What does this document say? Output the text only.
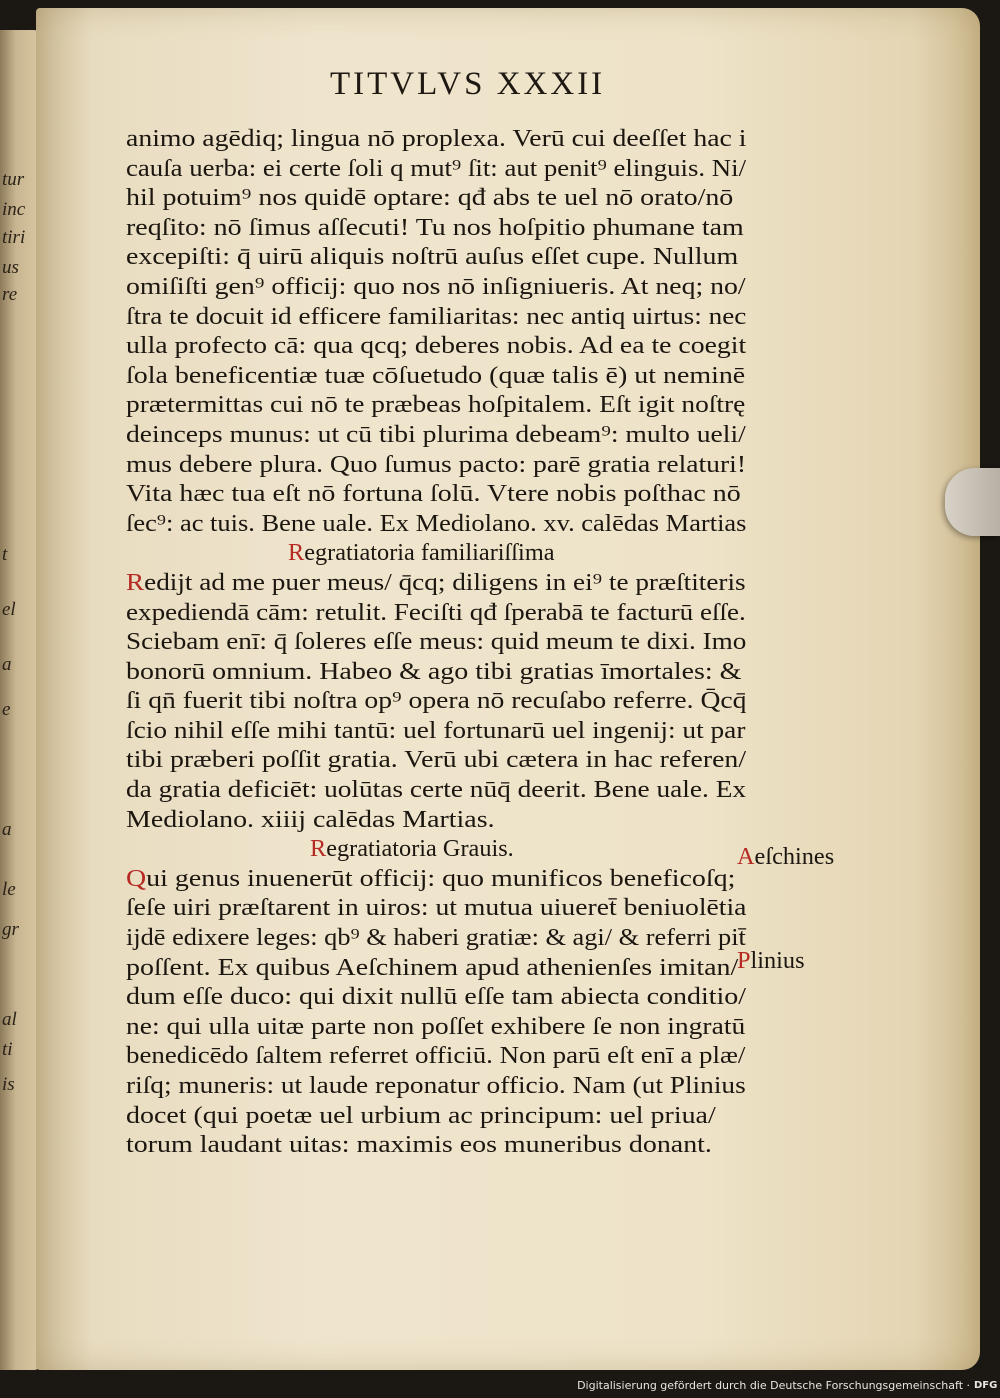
tur
inc
tiri
us
re
t
el
a
e
a
le
gr
al
ti
is
TITVLVS XXXII
animo agēdiq; lingua nō proplexa. Verū cui deeſſet hac i
cauſa uerba: ei certe ſoli q mut⁹ ſit: aut penit⁹ elinguis. Ni/
hil potuim⁹ nos quidē optare: qđ abs te uel nō orato/nō
reqſito: nō ſimus aſſecuti! Tu nos hoſpitio phumane tam
excepiſti: q̄ uirū aliquis noſtrū auſus eſſet cupe. Nullum
omiſiſti gen⁹ officij: quo nos nō inſigniueris. At neq; no/
ſtra te docuit id efficere familiaritas: nec antiq uirtus: nec
ulla profecto cā: qua qcq; deberes nobis. Ad ea te coegit
ſola beneficentiæ tuæ cōſuetudo (quæ talis ē) ut neminē
prætermittas cui nō te præbeas hoſpitalem. Eſt igit noſtrę
deinceps munus: ut cū tibi plurima debeam⁹: multo ueli/
mus debere plura. Quo ſumus pacto: parē gratia relaturi!
Vita hæc tua eſt nō fortuna ſolū. Vtere nobis poſthac nō
ſec⁹: ac tuis. Bene uale. Ex Mediolano. xv. calēdas Martias
Regratiatoria familiariſſima
Redijt ad me puer meus/ q̄cq; diligens in ei⁹ te præſtiteris
expediendā cām: retulit. Feciſti qđ ſperabā te facturū eſſe.
Sciebam enī: q̄ ſoleres eſſe meus: quid meum te dixi. Imo
bonorū omnium. Habeo & ago tibi gratias īmortales: &
ſi qn̄ fuerit tibi noſtra op⁹ opera nō recuſabo referre. Q̄cq̄
ſcio nihil eſſe mihi tantū: uel fortunarū uel ingenij: ut par
tibi præberi poſſit gratia. Verū ubi cætera in hac referen/
da gratia deficiēt: uolūtas certe nūq̄ deerit. Bene uale. Ex
Mediolano. xiiij calēdas Martias.
Regratiatoria Grauis.
Qui genus inuenerūt officij: quo munificos beneficoſq;
ſeſe uiri præſtarent in uiros: ut mutua uiueret̄ beniuolētia
ijdē edixere leges: qb⁹ & haberi gratiæ: & agi/ & referri pit̄
poſſent. Ex quibus Aeſchinem apud athenienſes imitan/
dum eſſe duco: qui dixit nullū eſſe tam abiecta conditio/
ne: qui ulla uitæ parte non poſſet exhibere ſe non ingratū
benedicēdo ſaltem referret officiū. Non parū eſt enī a plæ/
riſq; muneris: ut laude reponatur officio. Nam (ut Plinius
docet (qui poetæ uel urbium ac principum: uel priua/
torum laudant uitas: maximis eos muneribus donant.
Aeſchines
Plinius
Digitalisierung gefördert durch die Deutsche Forschungsgemeinschaft · DFG
